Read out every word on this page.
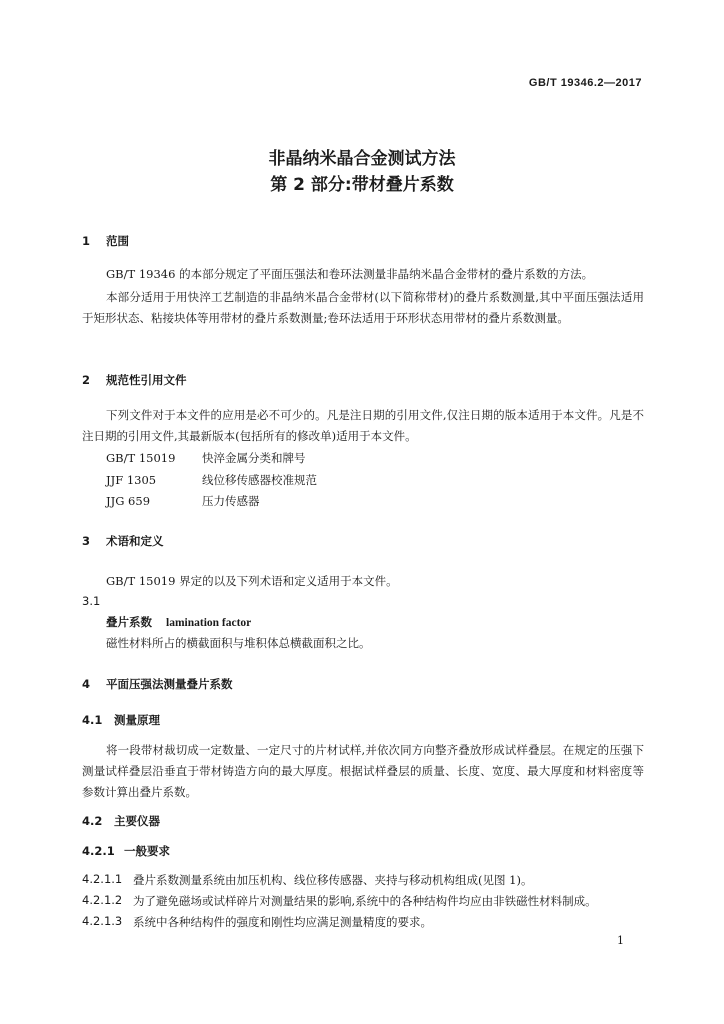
GB/T 19346.2—2017
非晶纳米晶合金测试方法
第 2 部分:带材叠片系数
1 范围
GB/T 19346 的本部分规定了平面压强法和卷环法测量非晶纳米晶合金带材的叠片系数的方法。
本部分适用于用快淬工艺制造的非晶纳米晶合金带材(以下简称带材)的叠片系数测量,其中平面压强法适用于矩形状态、粘接块体等用带材的叠片系数测量;卷环法适用于环形状态用带材的叠片系数测量。
2 规范性引用文件
下列文件对于本文件的应用是必不可少的。凡是注日期的引用文件,仅注日期的版本适用于本文件。凡是不注日期的引用文件,其最新版本(包括所有的修改单)适用于本文件。
GB/T 15019 快淬金属分类和牌号
JJF 1305	线位移传感器校准规范
JJG 659	压力传感器
3 术语和定义
GB/T 15019 界定的以及下列术语和定义适用于本文件。
3.1
叠片系数 lamination factor
磁性材料所占的横截面积与堆积体总横截面积之比。
4 平面压强法测量叠片系数
4.1 测量原理
将一段带材裁切成一定数量、一定尺寸的片材试样,并依次同方向整齐叠放形成试样叠层。在规定的压强下测量试样叠层沿垂直于带材铸造方向的最大厚度。根据试样叠层的质量、长度、宽度、最大厚度和材料密度等参数计算出叠片系数。
4.2 主要仪器
4.2.1 一般要求
4.2.1.1 叠片系数测量系统由加压机构、线位移传感器、夹持与移动机构组成(见图 1)。
4.2.1.2 为了避免磁场或试样碎片对测量结果的影响,系统中的各种结构件均应由非铁磁性材料制成。
4.2.1.3 系统中各种结构件的强度和刚性均应满足测量精度的要求。
1
